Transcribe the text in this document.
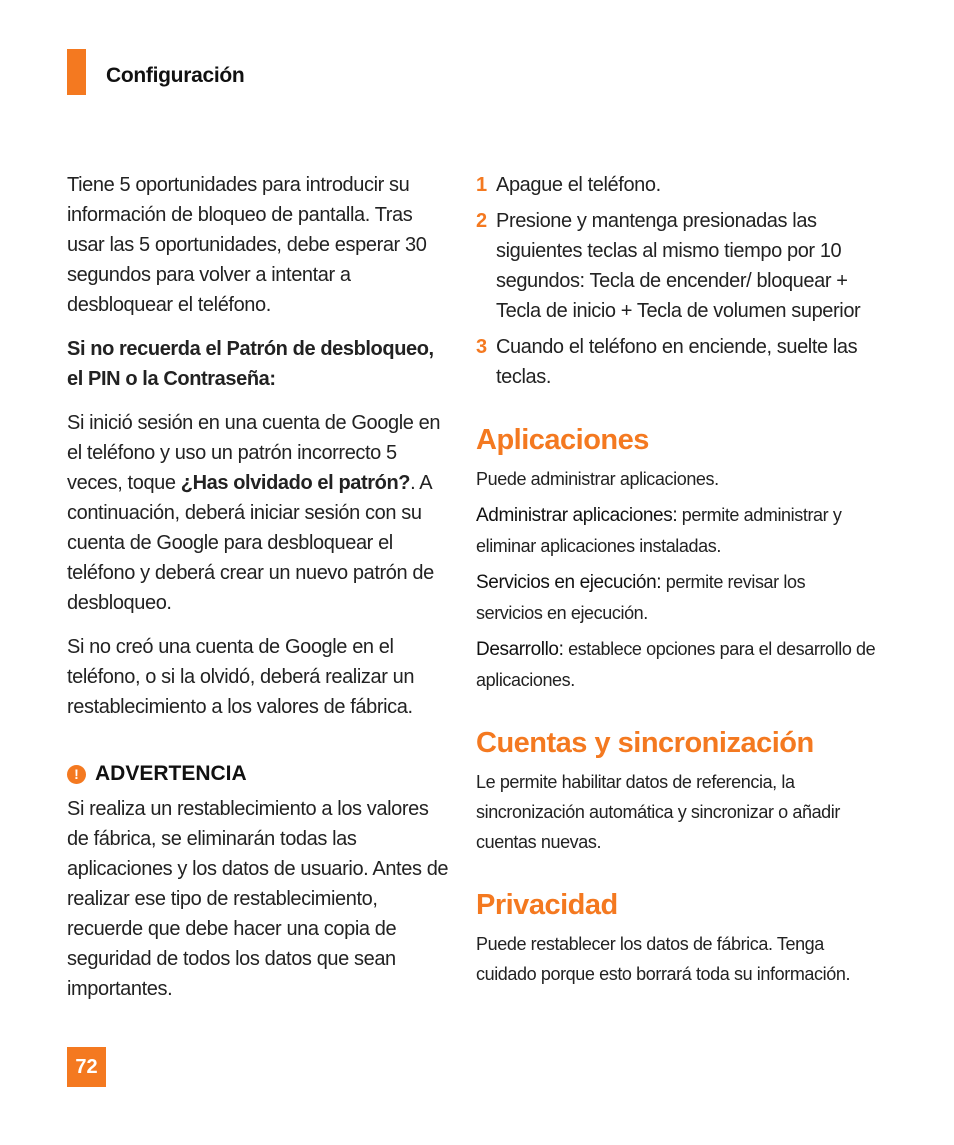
Configuración

Tiene 5 oportunidades para introducir su información de bloqueo de pantalla. Tras usar las 5 oportunidades, debe esperar 30 segundos para volver a intentar a desbloquear el teléfono.

Si no recuerda el Patrón de desbloqueo, el PIN o la Contraseña:

Si inició sesión en una cuenta de Google en el teléfono y uso un patrón incorrecto 5 veces, toque ¿Has olvidado el patrón?. A continuación, deberá iniciar sesión con su cuenta de Google para desbloquear el teléfono y deberá crear un nuevo patrón de desbloqueo.

Si no creó una cuenta de Google en el teléfono, o si la olvidó, deberá realizar un restablecimiento a los valores de fábrica.

! ADVERTENCIA

Si realiza un restablecimiento a los valores de fábrica, se eliminarán todas las aplicaciones y los datos de usuario. Antes de realizar ese tipo de restablecimiento, recuerde que debe hacer una copia de seguridad de todos los datos que sean importantes.

1 Apague el teléfono.
2 Presione y mantenga presionadas las siguientes teclas al mismo tiempo por 10 segundos: Tecla de encender/ bloquear + Tecla de inicio + Tecla de volumen superior
3 Cuando el teléfono en enciende, suelte las teclas.
Aplicaciones

Puede administrar aplicaciones.

Administrar aplicaciones: permite administrar y eliminar aplicaciones instaladas.

Servicios en ejecución: permite revisar los servicios en ejecución.

Desarrollo: establece opciones para el desarrollo de aplicaciones.

Cuentas y sincronización

Le permite habilitar datos de referencia, la sincronización automática y sincronizar o añadir cuentas nuevas.

Privacidad

Puede restablecer los datos de fábrica. Tenga cuidado porque esto borrará toda su información.

72
